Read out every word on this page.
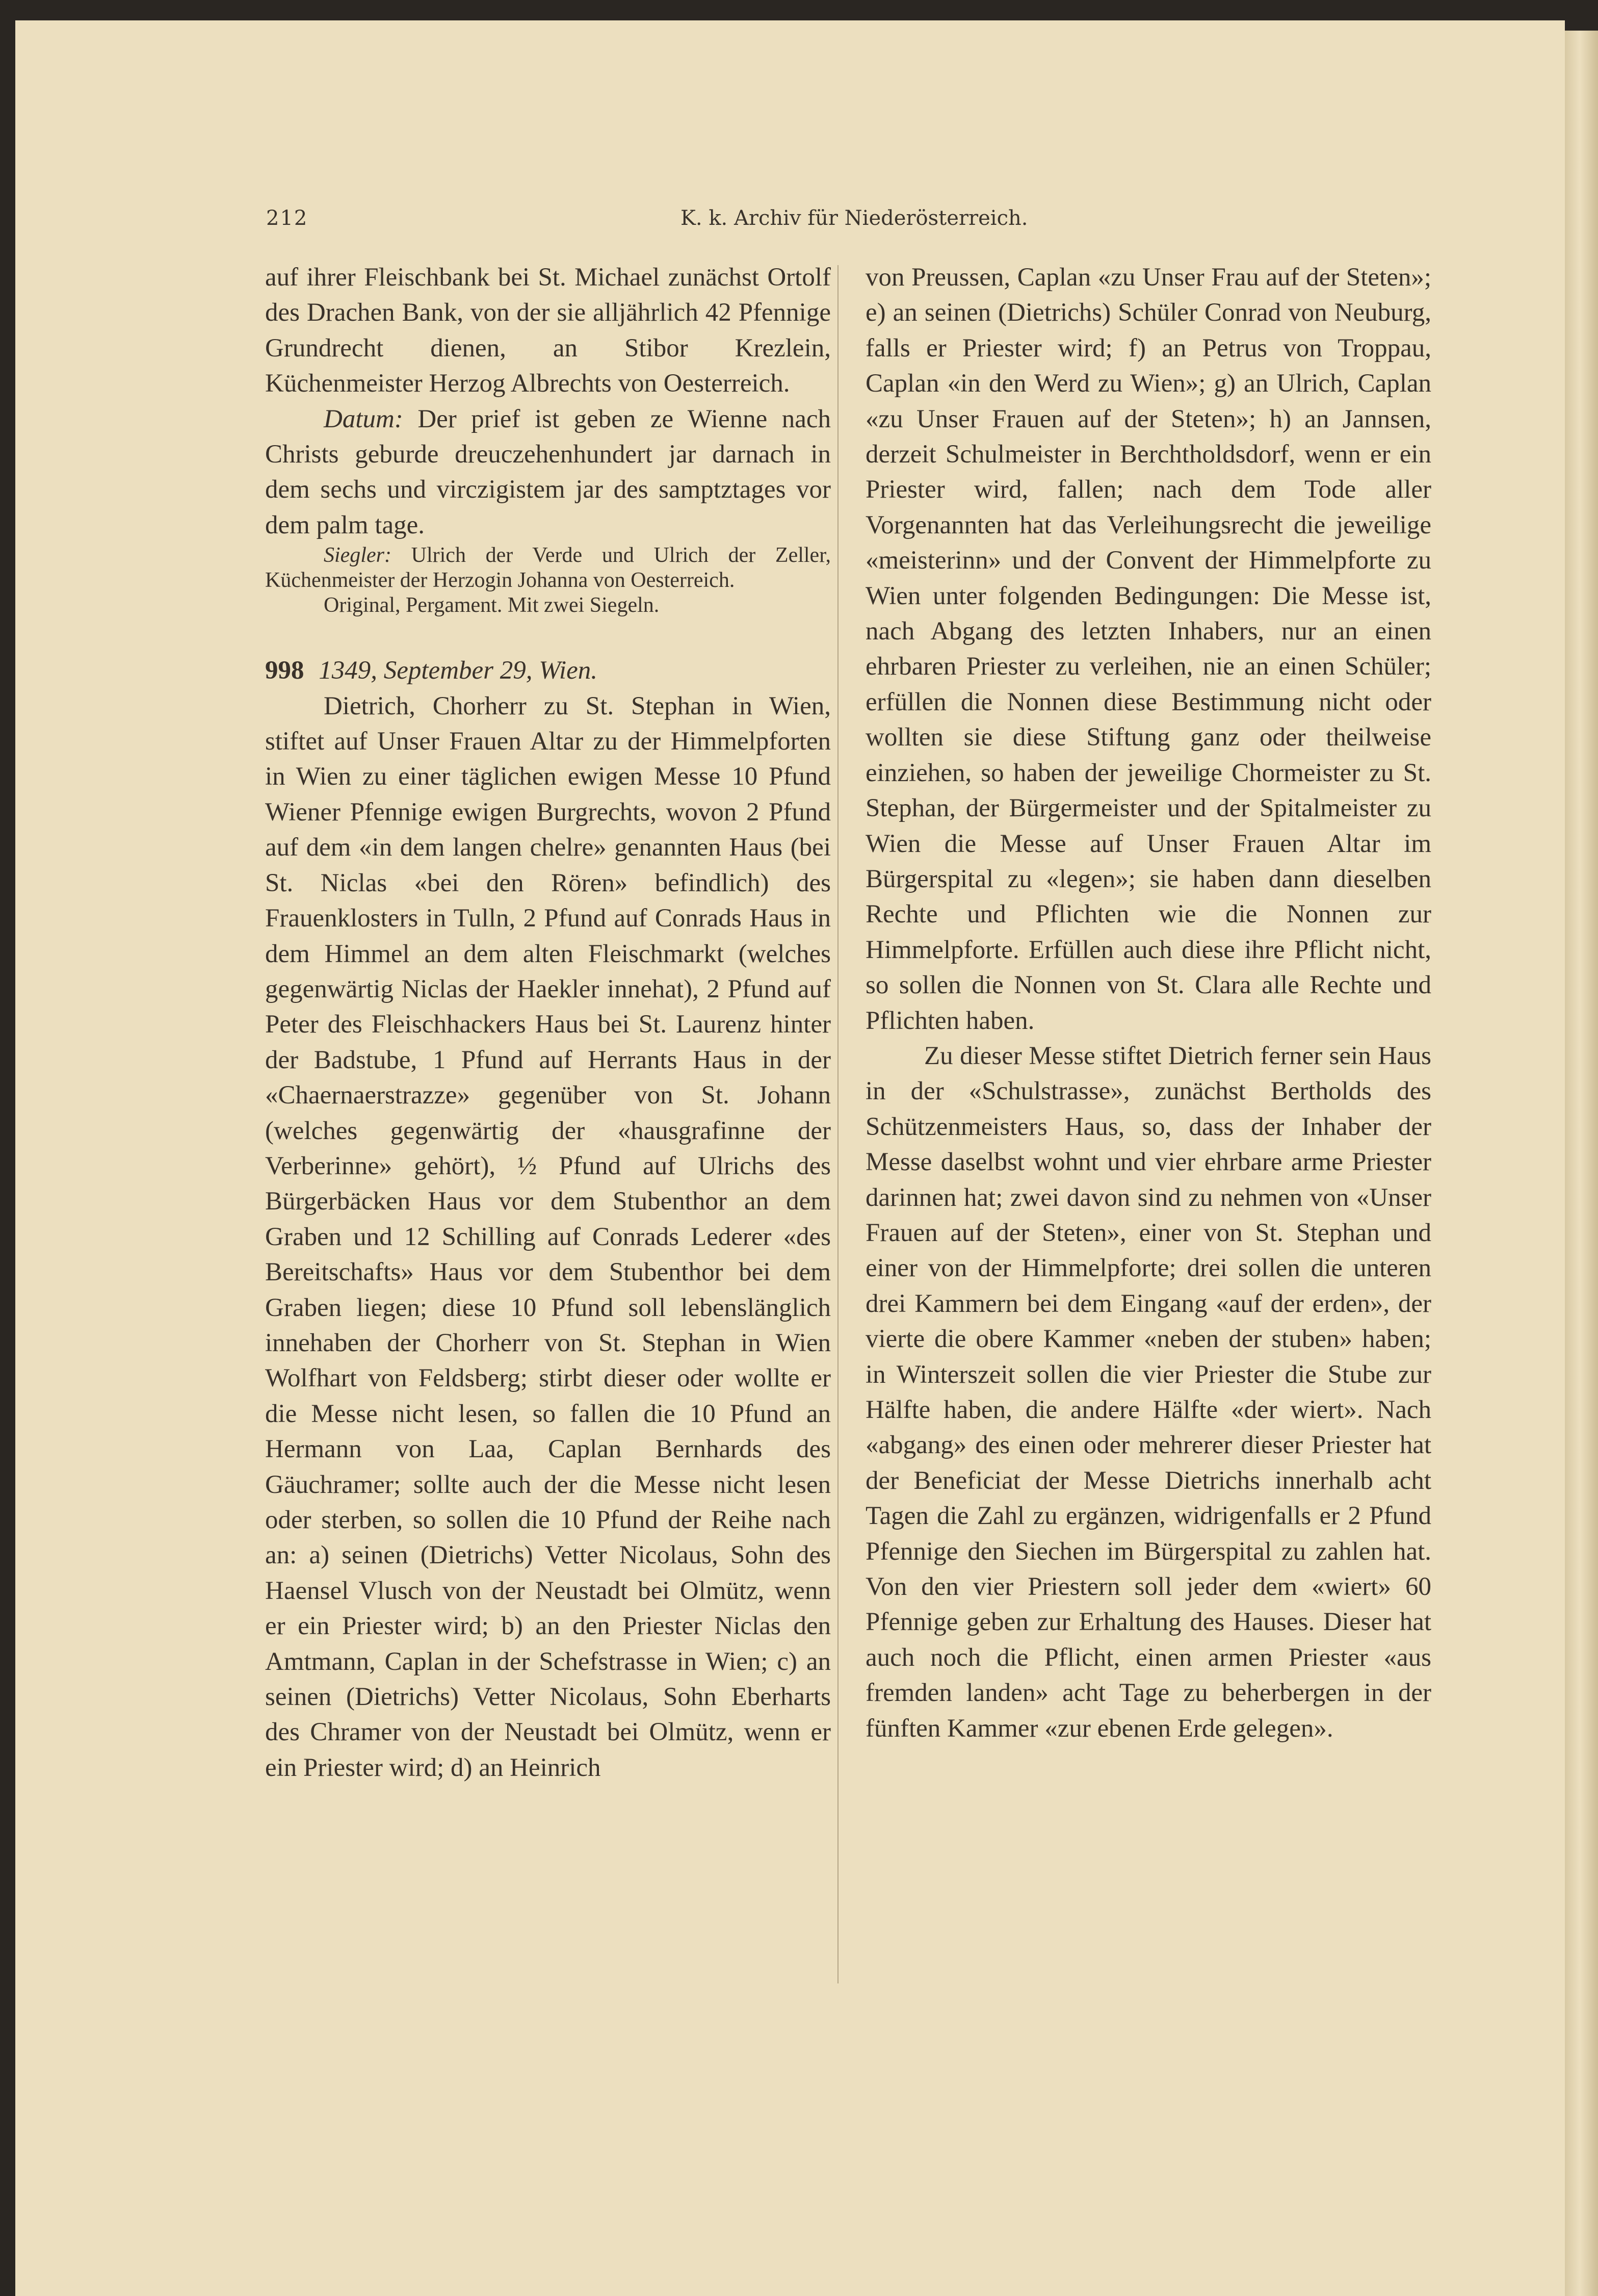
212	K. k. Archiv für Niederösterreich.

auf ihrer Fleischbank bei St. Michael zunächst Ortolf des Drachen Bank, von der sie alljährlich 42 Pfennige Grundrecht dienen, an Stibor Krezlein, Küchenmeister Herzog Albrechts von Oesterreich.

Datum: Der prief ist geben ze Wienne nach Christs geburde dreuczehenhundert jar darnach in dem sechs und virczigistem jar des samptztages vor dem palm tage.

Siegler: Ulrich der Verde und Ulrich der Zeller, Küchenmeister der Herzogin Johanna von Oesterreich.

Original, Pergament. Mit zwei Siegeln.

998 1349, September 29, Wien.

Dietrich, Chorherr zu St. Stephan in Wien, stiftet auf Unser Frauen Altar zu der Himmelpforten in Wien zu einer täglichen ewigen Messe 10 Pfund Wiener Pfennige ewigen Burgrechts, wovon 2 Pfund auf dem «in dem langen chelre» genannten Haus (bei St. Niclas «bei den Rören» befindlich) des Frauenklosters in Tulln, 2 Pfund auf Conrads Haus in dem Himmel an dem alten Fleischmarkt (welches gegenwärtig Niclas der Haekler innehat), 2 Pfund auf Peter des Fleischhackers Haus bei St. Laurenz hinter der Badstube, 1 Pfund auf Herrants Haus in der «Chaernaerstrazze» gegenüber von St. Johann (welches gegenwärtig der «hausgrafinne der Verberinne» gehört), ½ Pfund auf Ulrichs des Bürgerbäcken Haus vor dem Stubenthor an dem Graben und 12 Schilling auf Conrads Lederer «des Bereitschafts» Haus vor dem Stubenthor bei dem Graben liegen; diese 10 Pfund soll lebenslänglich innehaben der Chorherr von St. Stephan in Wien Wolfhart von Feldsberg; stirbt dieser oder wollte er die Messe nicht lesen, so fallen die 10 Pfund an Hermann von Laa, Caplan Bernhards des Gäuchramer; sollte auch der die Messe nicht lesen oder sterben, so sollen die 10 Pfund der Reihe nach an: a) seinen (Dietrichs) Vetter Nicolaus, Sohn des Haensel Vlusch von der Neustadt bei Olmütz, wenn er ein Priester wird; b) an den Priester Niclas den Amtmann, Caplan in der Schefstrasse in Wien; c) an seinen (Dietrichs) Vetter Nicolaus, Sohn Eberharts des Chramer von der Neustadt bei Olmütz, wenn er ein Priester wird; d) an Heinrich

von Preussen, Caplan «zu Unser Frau auf der Steten»; e) an seinen (Dietrichs) Schüler Conrad von Neuburg, falls er Priester wird; f) an Petrus von Troppau, Caplan «in den Werd zu Wien»; g) an Ulrich, Caplan «zu Unser Frauen auf der Steten»; h) an Jannsen, derzeit Schulmeister in Berchtholdsdorf, wenn er ein Priester wird, fallen; nach dem Tode aller Vorgenannten hat das Verleihungsrecht die jeweilige «meisterinn» und der Convent der Himmelpforte zu Wien unter folgenden Bedingungen: Die Messe ist, nach Abgang des letzten Inhabers, nur an einen ehrbaren Priester zu verleihen, nie an einen Schüler; erfüllen die Nonnen diese Bestimmung nicht oder wollten sie diese Stiftung ganz oder theilweise einziehen, so haben der jeweilige Chormeister zu St. Stephan, der Bürgermeister und der Spitalmeister zu Wien die Messe auf Unser Frauen Altar im Bürgerspital zu «legen»; sie haben dann dieselben Rechte und Pflichten wie die Nonnen zur Himmelpforte. Erfüllen auch diese ihre Pflicht nicht, so sollen die Nonnen von St. Clara alle Rechte und Pflichten haben.

Zu dieser Messe stiftet Dietrich ferner sein Haus in der «Schulstrasse», zunächst Bertholds des Schützenmeisters Haus, so, dass der Inhaber der Messe daselbst wohnt und vier ehrbare arme Priester darinnen hat; zwei davon sind zu nehmen von «Unser Frauen auf der Steten», einer von St. Stephan und einer von der Himmelpforte; drei sollen die unteren drei Kammern bei dem Eingang «auf der erden», der vierte die obere Kammer «neben der stuben» haben; in Winterszeit sollen die vier Priester die Stube zur Hälfte haben, die andere Hälfte «der wiert». Nach «abgang» des einen oder mehrerer dieser Priester hat der Beneficiat der Messe Dietrichs innerhalb acht Tagen die Zahl zu ergänzen, widrigenfalls er 2 Pfund Pfennige den Siechen im Bürgerspital zu zahlen hat. Von den vier Priestern soll jeder dem «wiert» 60 Pfennige geben zur Erhaltung des Hauses. Dieser hat auch noch die Pflicht, einen armen Priester «aus fremden landen» acht Tage zu beherbergen in der fünften Kammer «zur ebenen Erde gelegen».
